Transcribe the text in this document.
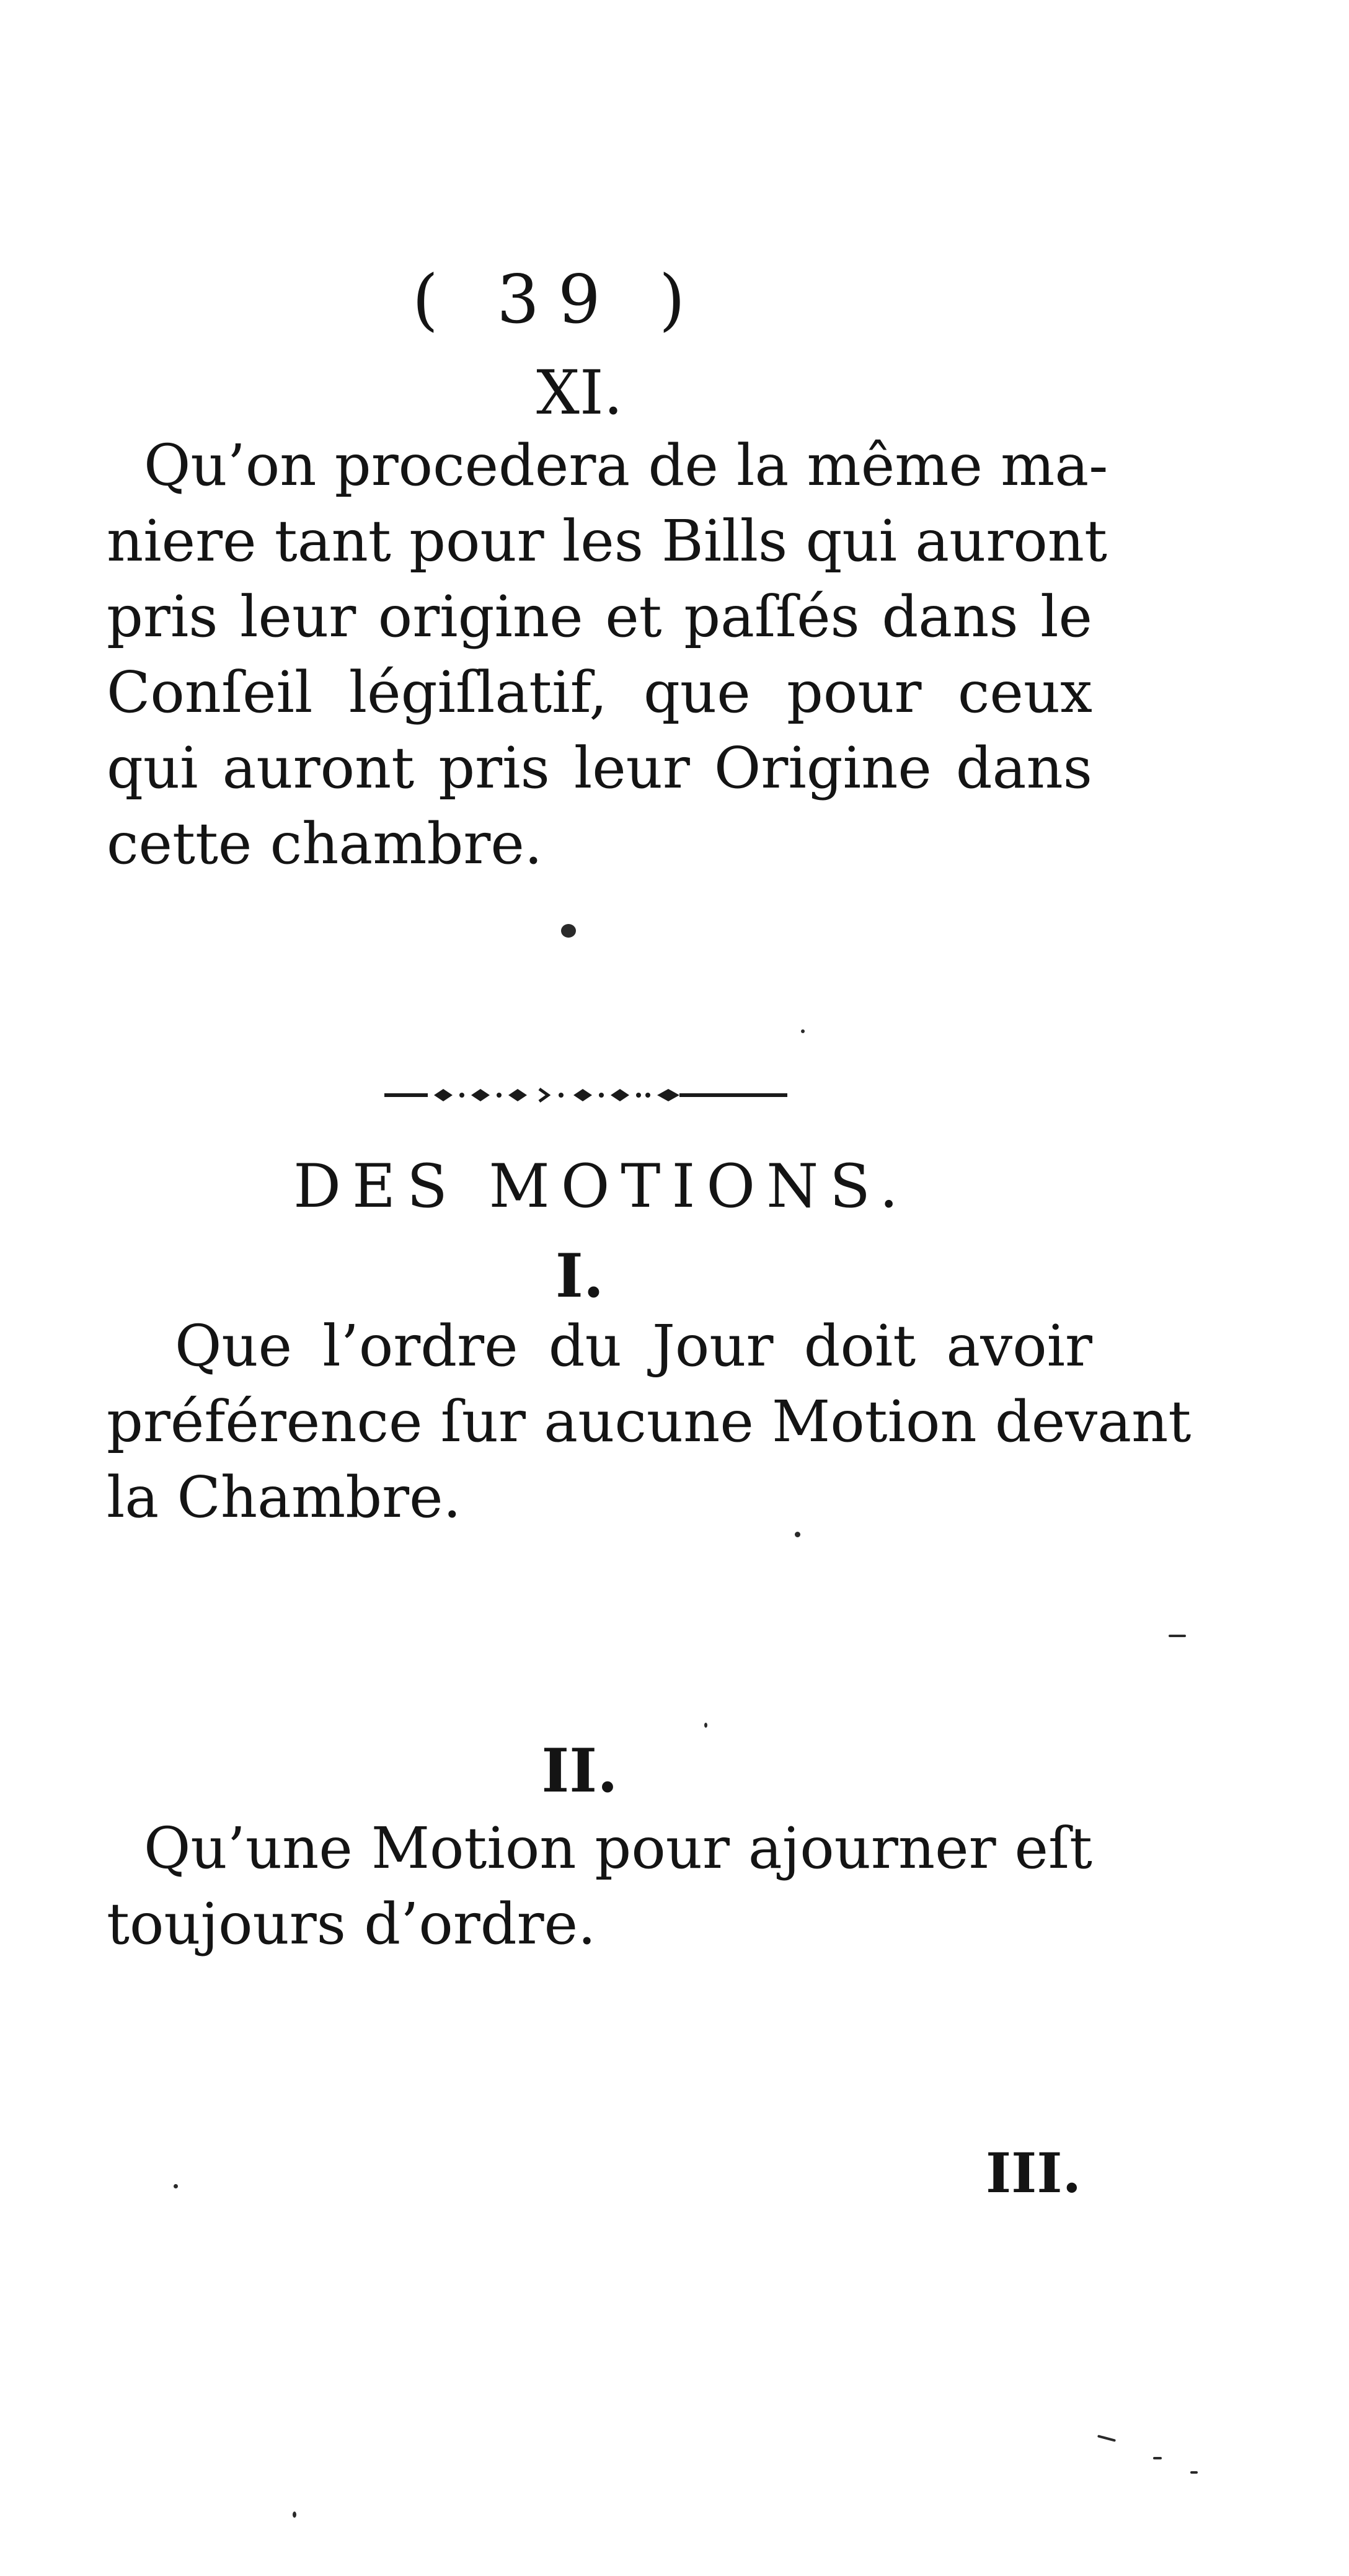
( 39 )
XI.
Qu’on procedera de la même ma-
niere tant pour les Bills qui auront
pris leur origine et paſſés dans le
Conſeil légiſlatif, que pour ceux
qui auront pris leur Origine dans
cette chambre.
DES MOTIONS.
I.
Que l’ordre du Jour doit avoir
préférence ſur aucune Motion devant
la Chambre.
II.
Qu’une Motion pour ajourner eſt
toujours d’ordre.
III.
